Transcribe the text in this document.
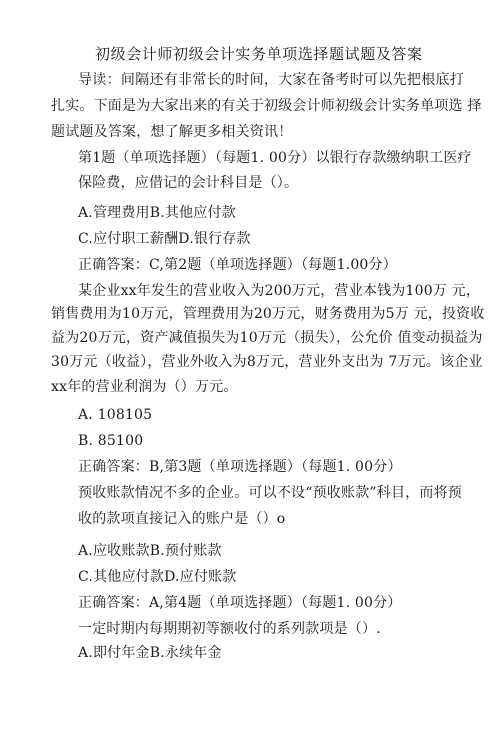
初级会计师初级会计实务单项选择题试题及答案
导读：间隔还有非常长的时间，大家在备考时可以先把根底打
扎实。下面是为大家出来的有关于初级会计师初级会计实务单项选 择
题试题及答案，想了解更多相关资讯！
第1题（单项选择题）（每题1. 00分）以银行存款缴纳职工医疗
保险费，应借记的会计科目是（）。
A.管理费用B.其他应付款
C.应付职工薪酬D.银行存款
正确答案：C,第2题（单项选择题）（每题1.00分）
某企业xx年发生的营业收入为200万元，营业本钱为100万 元，
销售费用为10万元，管理费用为20万元，财务费用为5万 元，投资收
益为20万元，资产减值损失为10万元（损失），公允价 值变动损益为
30万元（收益），营业外收入为8万元，营业外支出为 7万元。该企业
xx年的营业利润为（）万元。
A. 108105
B. 85100
正确答案：B,第3题（单项选择题）（每题1. 00分）
预收账款情况不多的企业。可以不设“预收账款”科目，而将预
收的款项直接记入的账户是（）o
A.应收账款B.预付账款
C.其他应付款D.应付账款
正确答案：A,第4题（单项选择题）（每题1. 00分）
一定时期内每期期初等额收付的系列款项是（）.
A.即付年金B.永续年金
